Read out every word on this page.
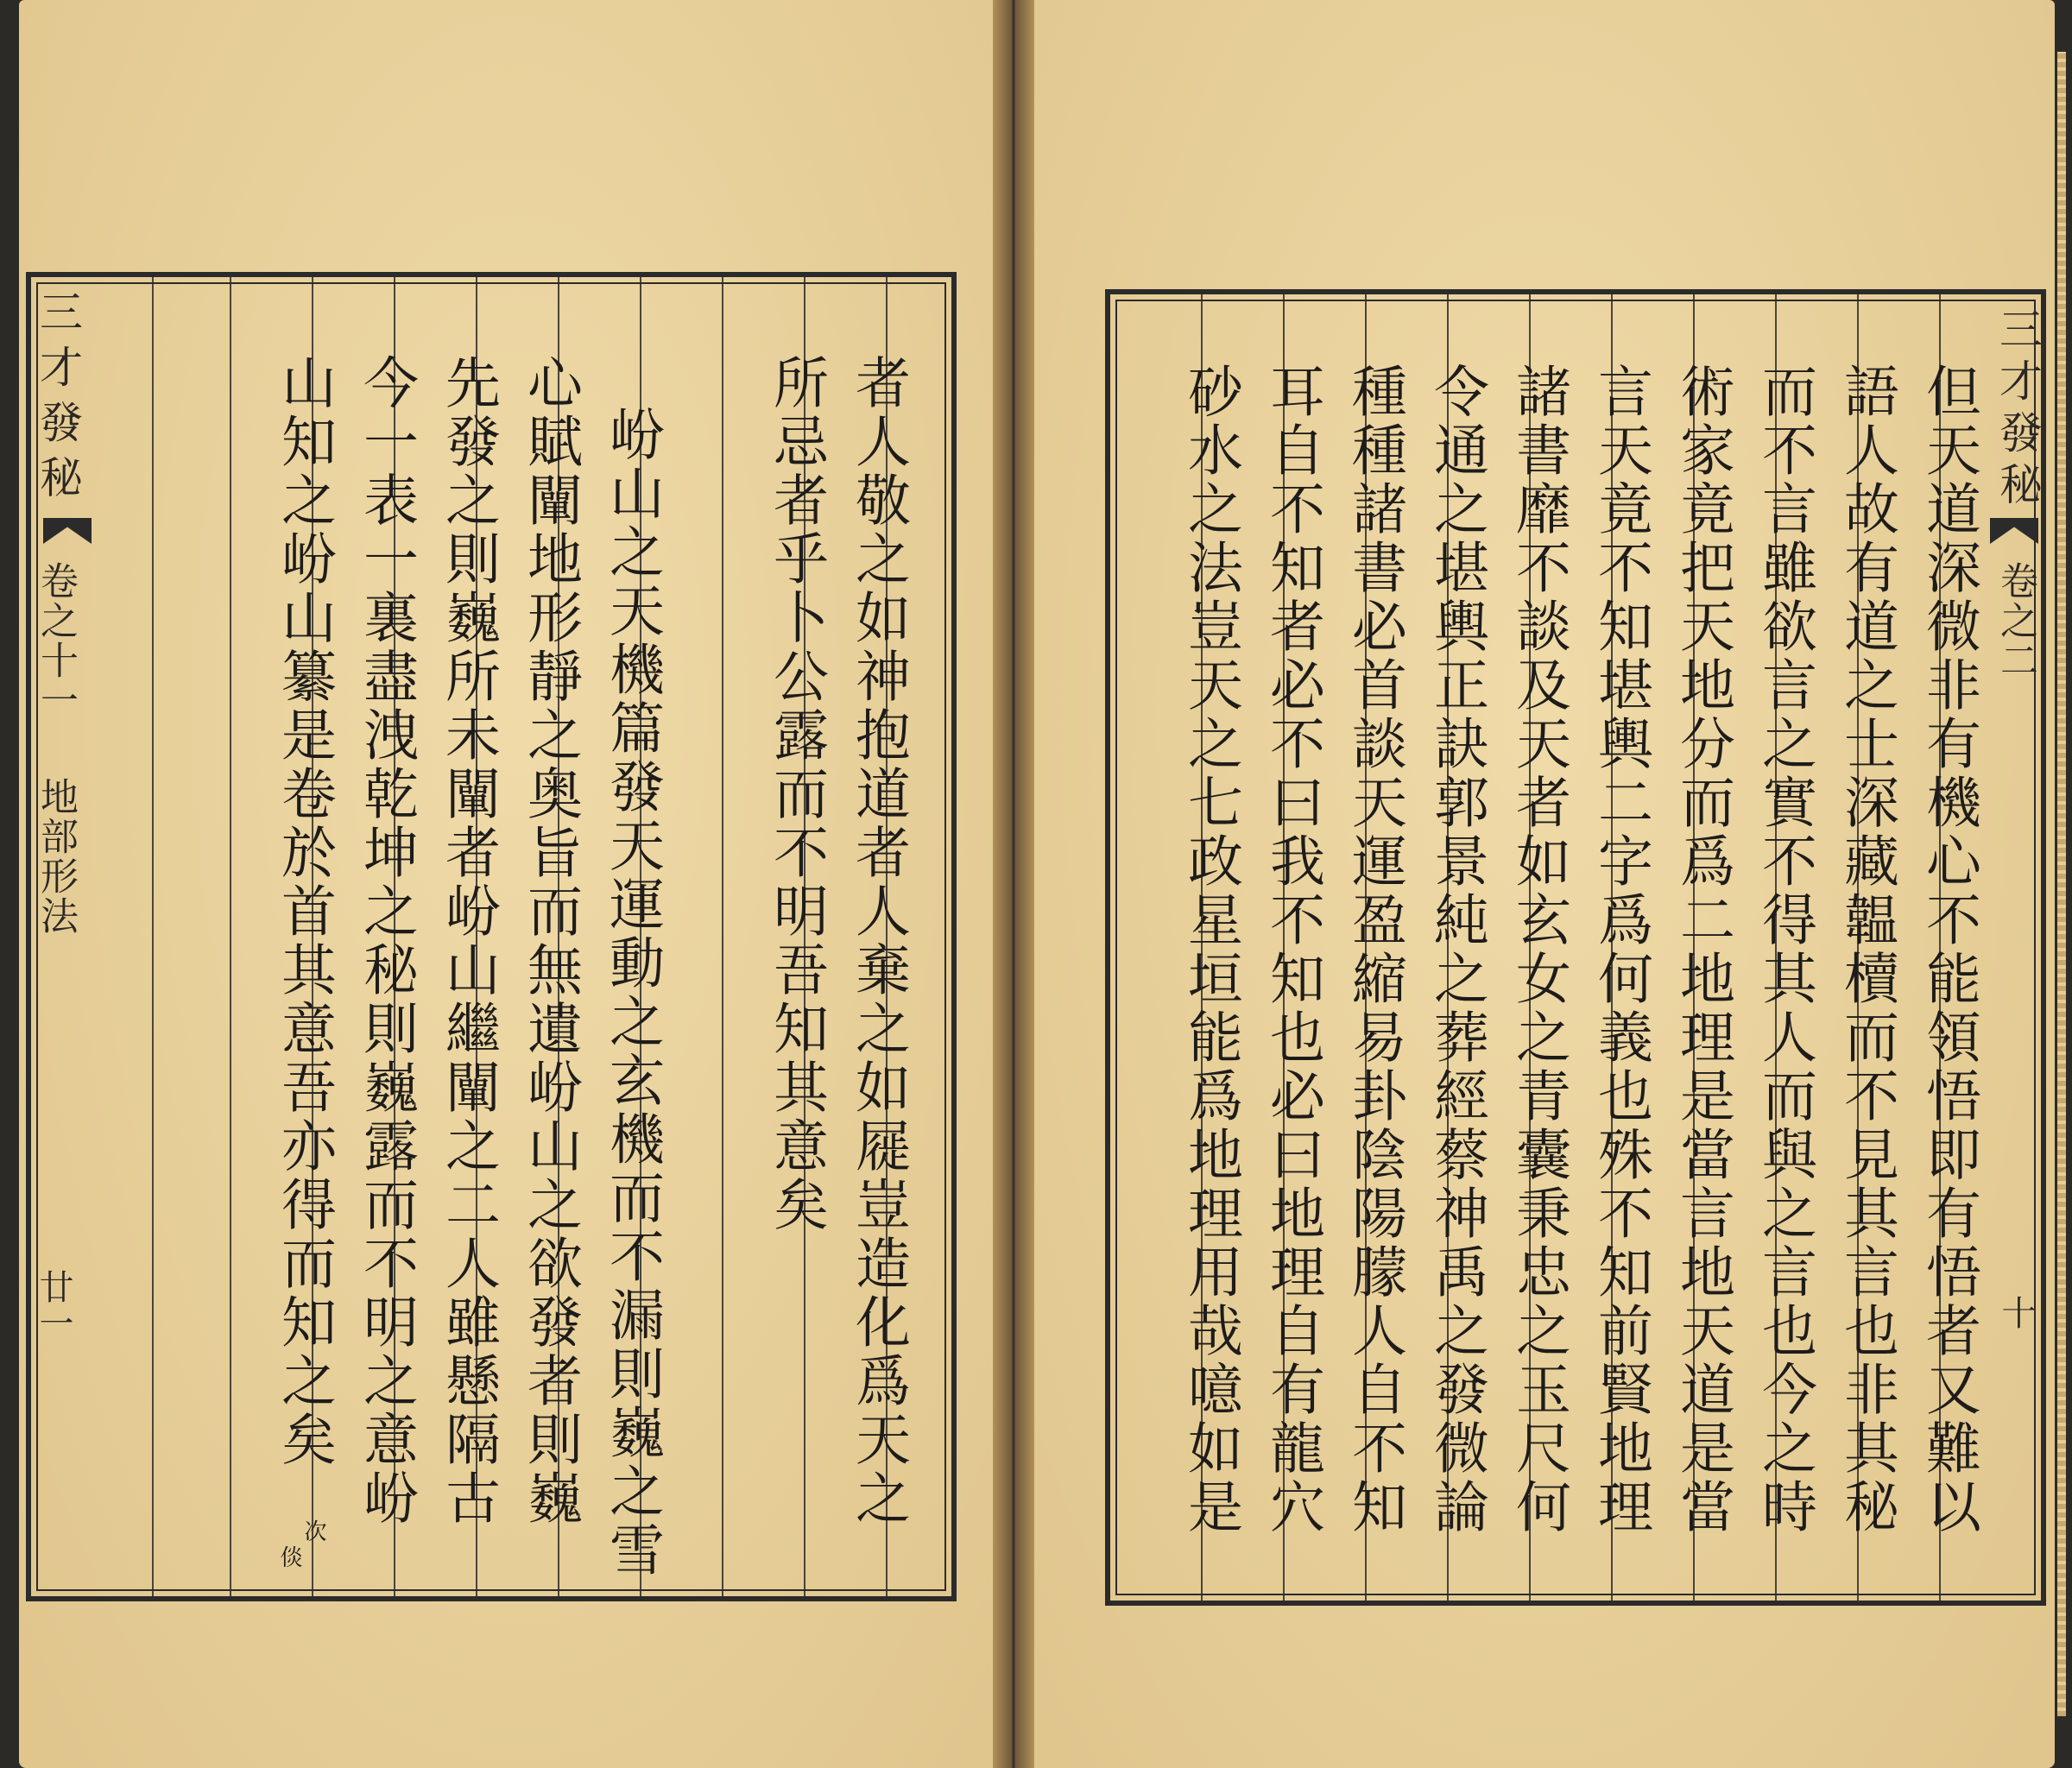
三才發秘
卷之十一
地部形法
廿一	者人敬之如神抱道者人棄之如屣豈造化爲天之
所忌者乎卜公露而不明吾知其意矣
岎山之天機篇發天運動之玄機而不漏則巍之雪
心賦闡地形靜之奥旨而無遺岎山之欲發者則巍
先發之則巍所未闡者岎山繼闡之二人雖懸隔古
今一表一裏盡洩乾坤之秘則巍露而不明之意岎
山知之岎山纂是卷於首其意吾亦得而知之矣
次
倓
但天道深微非有機心不能領悟即有悟者又難以
語人故有道之士深藏韞櫝而不見其言也非其秘
而不言雖欲言之實不得其人而與之言也今之時
術家竟把天地分而爲二地理是當言地天道是當
言天竟不知堪輿二字爲何義也殊不知前賢地理
諸書靡不談及天者如玄女之青囊秉忠之玉尺何
令通之堪輿正訣郭景純之葬經蔡神禹之發微論
種種諸書必首談天運盈縮易卦陰陽朦人自不知
耳自不知者必不曰我不知也必曰地理自有龍穴
砂水之法豈天之七政星垣能爲地理用哉噫如是	三才發秘
卷之二
十
